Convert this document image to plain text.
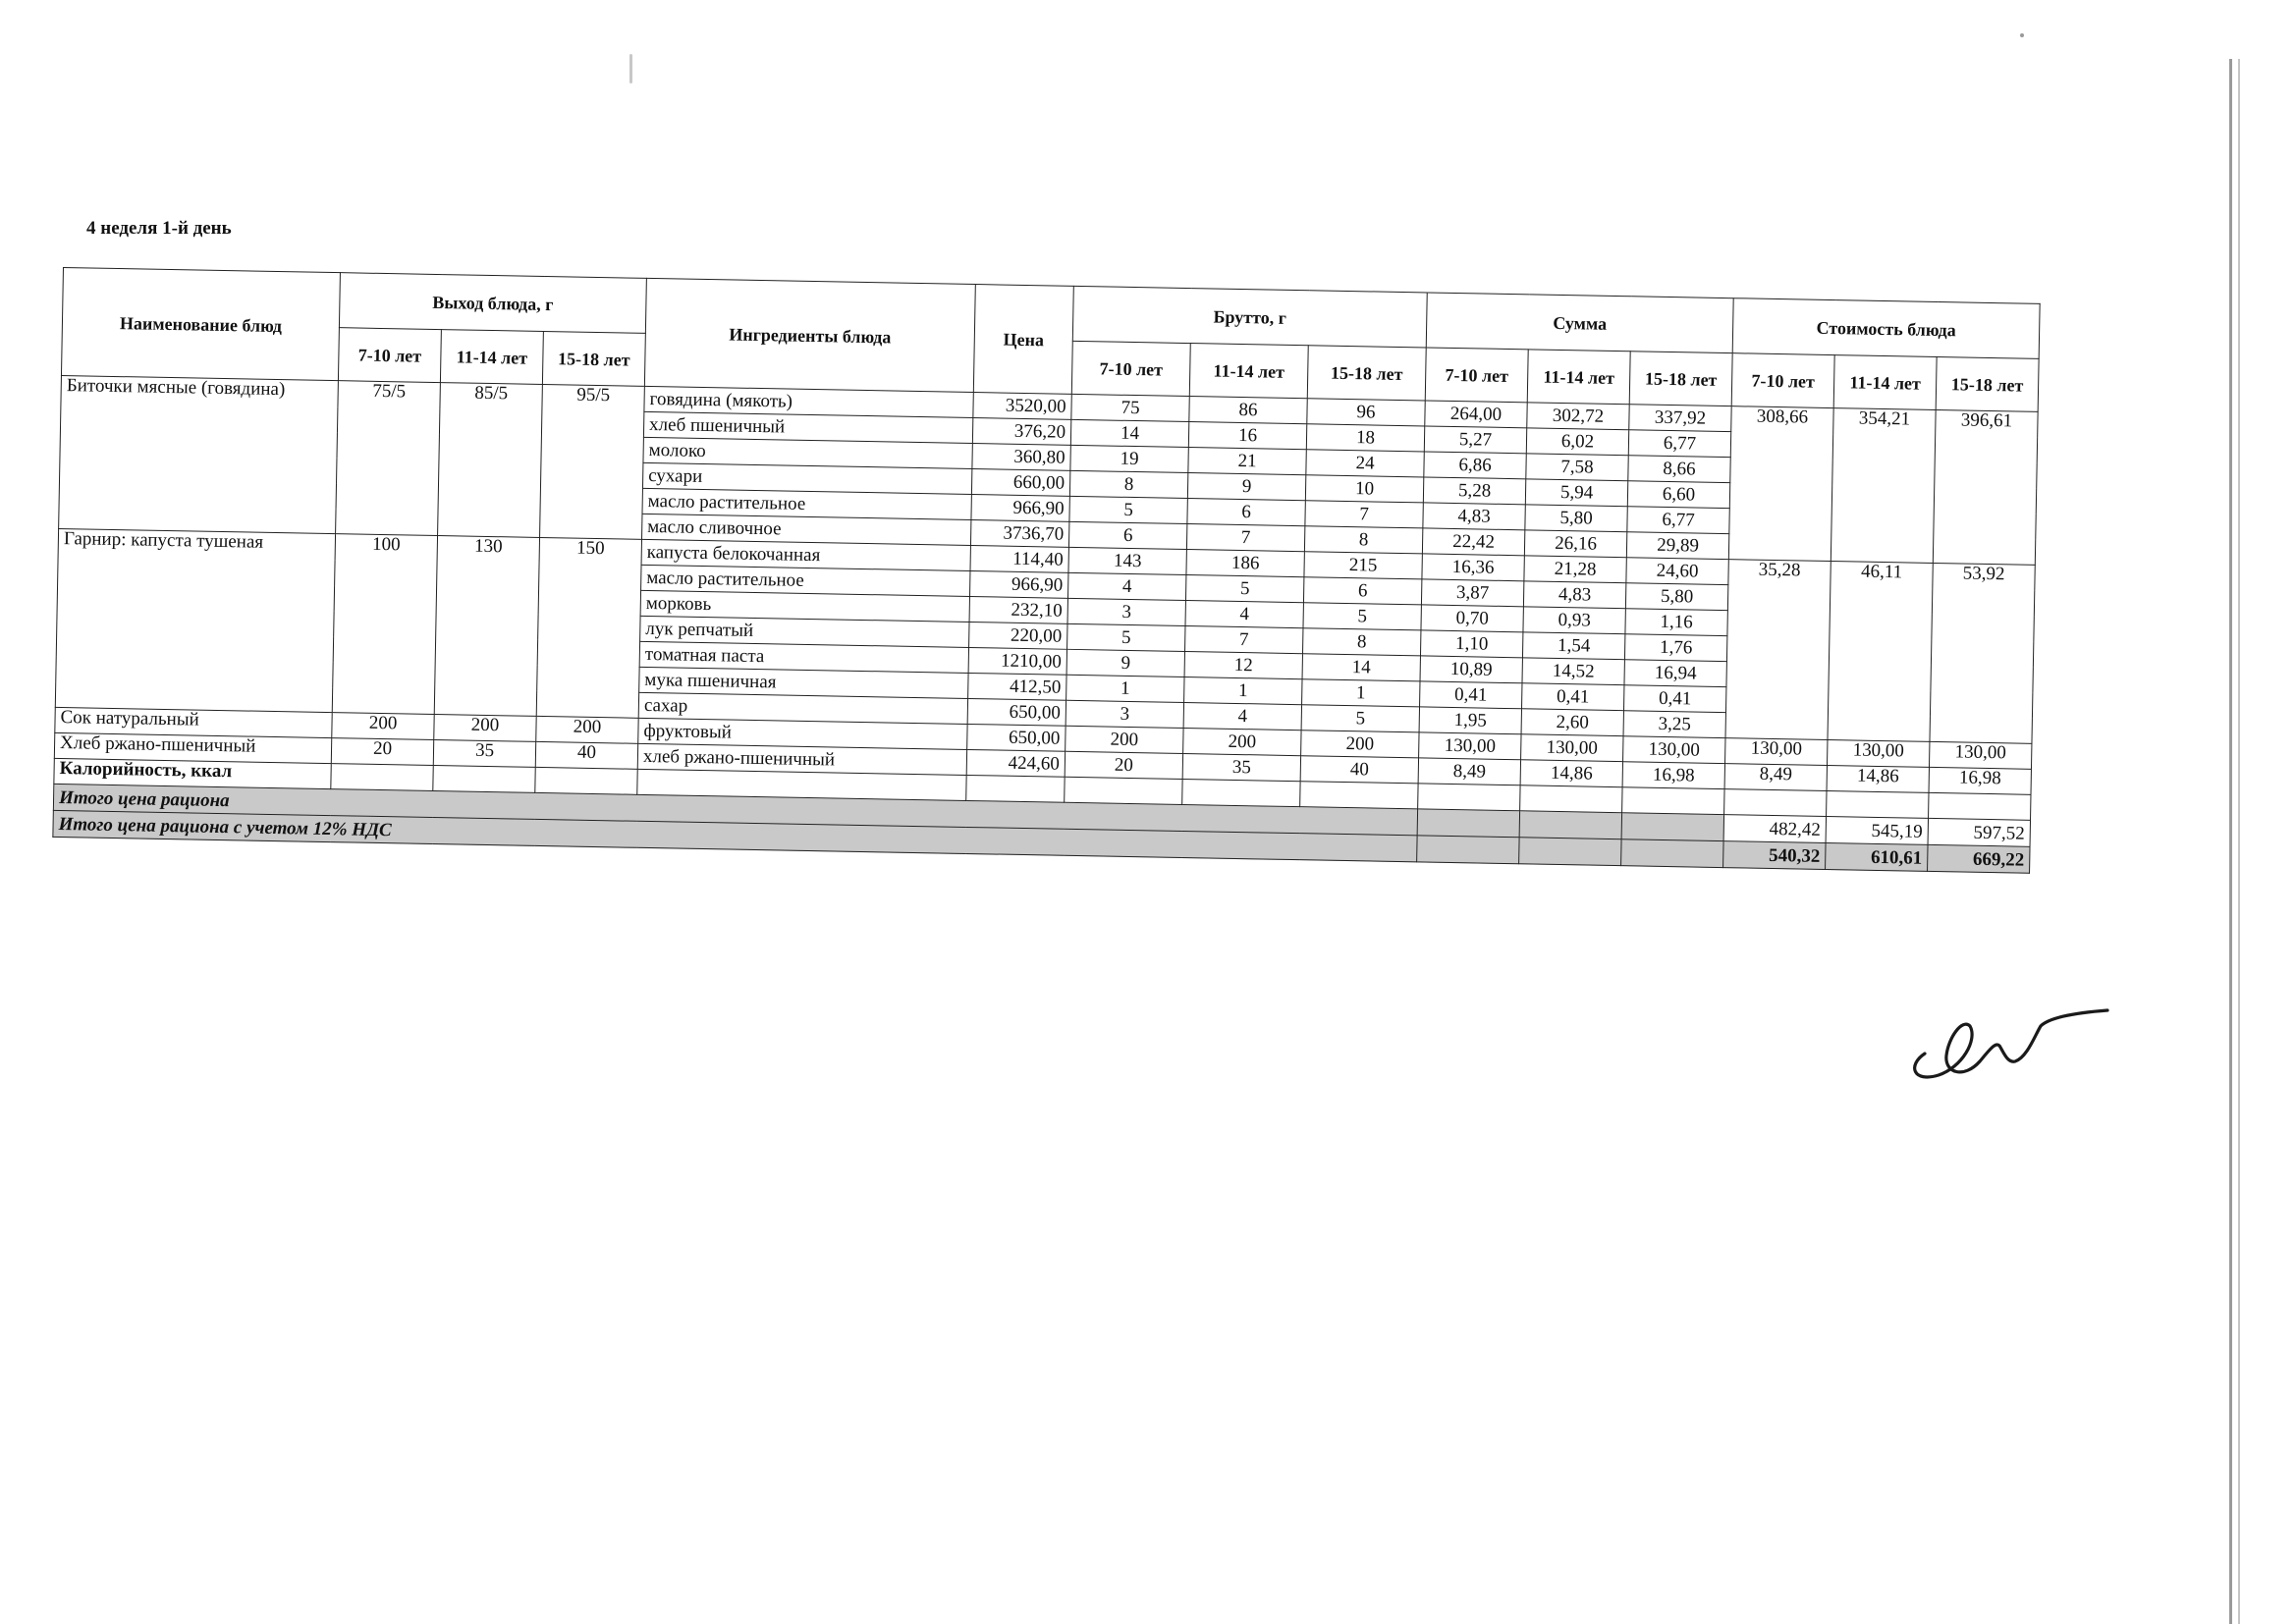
4 неделя 1-й день
Наименование блюд	Выход блюда, г			Ингредиенты блюда	Цена	Брутто, г			Сумма			Стоимость блюда		
	7-10 лет	11-14 лет	15-18 лет			7-10 лет	11-14 лет	15-18 лет	7-10 лет	11-14 лет	15-18 лет	7-10 лет	11-14 лет	15-18 лет
Биточки мясные (говядина)	75/5	85/5	95/5	говядина (мякоть)	3520,00	75	86	96	264,00	302,72	337,92	308,66	354,21	396,61
				хлеб пшеничный	376,20	14	16	18	5,27	6,02	6,77			
				молоко	360,80	19	21	24	6,86	7,58	8,66			
				сухари	660,00	8	9	10	5,28	5,94	6,60			
				масло растительное	966,90	5	6	7	4,83	5,80	6,77			
				масло сливочное	3736,70	6	7	8	22,42	26,16	29,89			
Гарнир: капуста тушеная	100	130	150	капуста белокочанная	114,40	143	186	215	16,36	21,28	24,60	35,28	46,11	53,92
				масло растительное	966,90	4	5	6	3,87	4,83	5,80			
				морковь	232,10	3	4	5	0,70	0,93	1,16			
				лук репчатый	220,00	5	7	8	1,10	1,54	1,76			
				томатная паста	1210,00	9	12	14	10,89	14,52	16,94			
				мука пшеничная	412,50	1	1	1	0,41	0,41	0,41			
				сахар	650,00	3	4	5	1,95	2,60	3,25			
Сок натуральный	200	200	200	фруктовый	650,00	200	200	200	130,00	130,00	130,00	130,00	130,00	130,00
Хлеб ржано-пшеничный	20	35	40	хлеб ржано-пшеничный	424,60	20	35	40	8,49	14,86	16,98	8,49	14,86	16,98
Калорийность, ккал														
Итого цена рациона												482,42	545,19	597,52
Итого цена рациона с учетом 12% НДС												540,32	610,61	669,22
